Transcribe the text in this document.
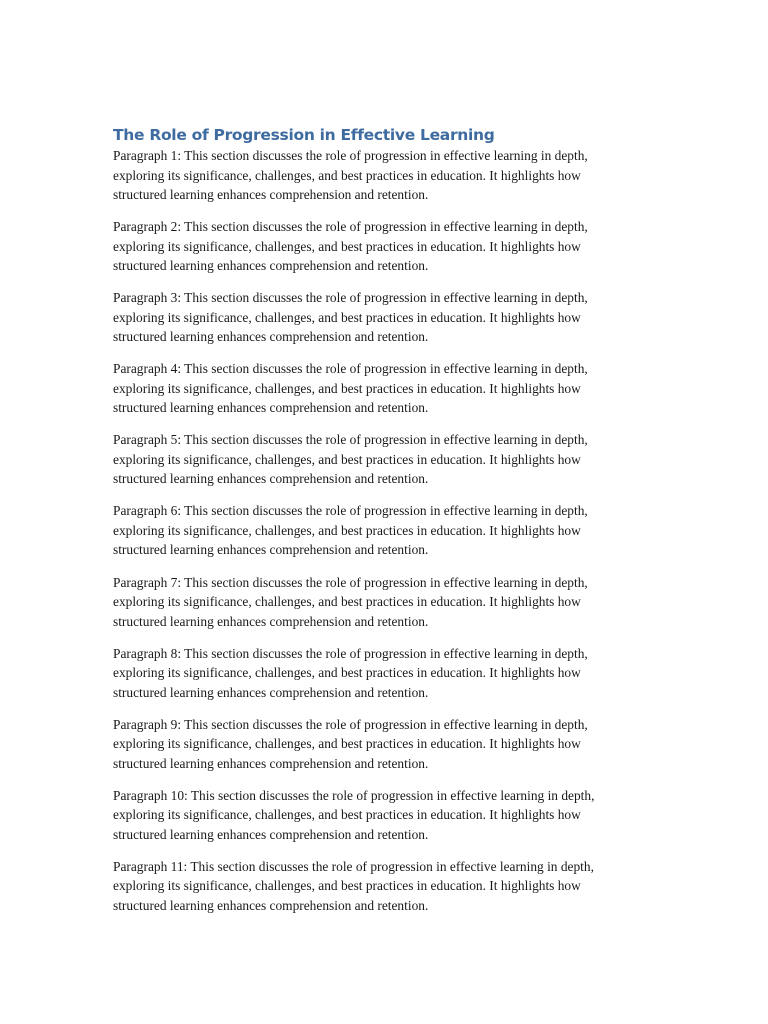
The Role of Progression in Effective Learning

Paragraph 1: This section discusses the role of progression in effective learning in depth,
exploring its significance, challenges, and best practices in education. It highlights how
structured learning enhances comprehension and retention.

Paragraph 2: This section discusses the role of progression in effective learning in depth,
exploring its significance, challenges, and best practices in education. It highlights how
structured learning enhances comprehension and retention.

Paragraph 3: This section discusses the role of progression in effective learning in depth,
exploring its significance, challenges, and best practices in education. It highlights how
structured learning enhances comprehension and retention.

Paragraph 4: This section discusses the role of progression in effective learning in depth,
exploring its significance, challenges, and best practices in education. It highlights how
structured learning enhances comprehension and retention.

Paragraph 5: This section discusses the role of progression in effective learning in depth,
exploring its significance, challenges, and best practices in education. It highlights how
structured learning enhances comprehension and retention.

Paragraph 6: This section discusses the role of progression in effective learning in depth,
exploring its significance, challenges, and best practices in education. It highlights how
structured learning enhances comprehension and retention.

Paragraph 7: This section discusses the role of progression in effective learning in depth,
exploring its significance, challenges, and best practices in education. It highlights how
structured learning enhances comprehension and retention.

Paragraph 8: This section discusses the role of progression in effective learning in depth,
exploring its significance, challenges, and best practices in education. It highlights how
structured learning enhances comprehension and retention.

Paragraph 9: This section discusses the role of progression in effective learning in depth,
exploring its significance, challenges, and best practices in education. It highlights how
structured learning enhances comprehension and retention.

Paragraph 10: This section discusses the role of progression in effective learning in depth,
exploring its significance, challenges, and best practices in education. It highlights how
structured learning enhances comprehension and retention.

Paragraph 11: This section discusses the role of progression in effective learning in depth,
exploring its significance, challenges, and best practices in education. It highlights how
structured learning enhances comprehension and retention.
